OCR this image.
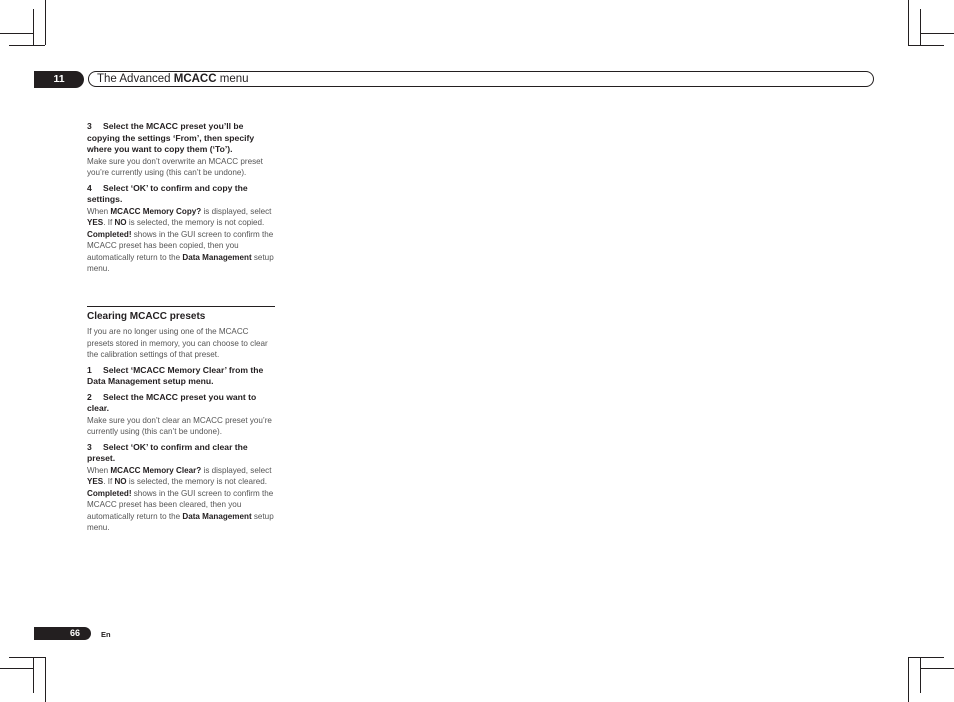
11	The Advanced MCACC menu

3 Select the MCACC preset you’ll be copying the settings ‘From’, then specify where you want to copy them (‘To’).

Make sure you don’t overwrite an MCACC preset you’re currently using (this can’t be undone).

4 Select ‘OK’ to confirm and copy the settings.

When MCACC Memory Copy? is displayed, select YES. If NO is selected, the memory is not copied.

Completed! shows in the GUI screen to confirm the MCACC preset has been copied, then you automatically return to the Data Management setup menu.

Clearing MCACC presets

If you are no longer using one of the MCACC presets stored in memory, you can choose to clear the calibration settings of that preset.

1 Select ‘MCACC Memory Clear’ from the Data Management setup menu.

2 Select the MCACC preset you want to clear.

Make sure you don’t clear an MCACC preset you’re currently using (this can’t be undone).

3 Select ‘OK’ to confirm and clear the preset.

When MCACC Memory Clear? is displayed, select YES. If NO is selected, the memory is not cleared.

Completed! shows in the GUI screen to confirm the MCACC preset has been cleared, then you automatically return to the Data Management setup menu.

66	En
